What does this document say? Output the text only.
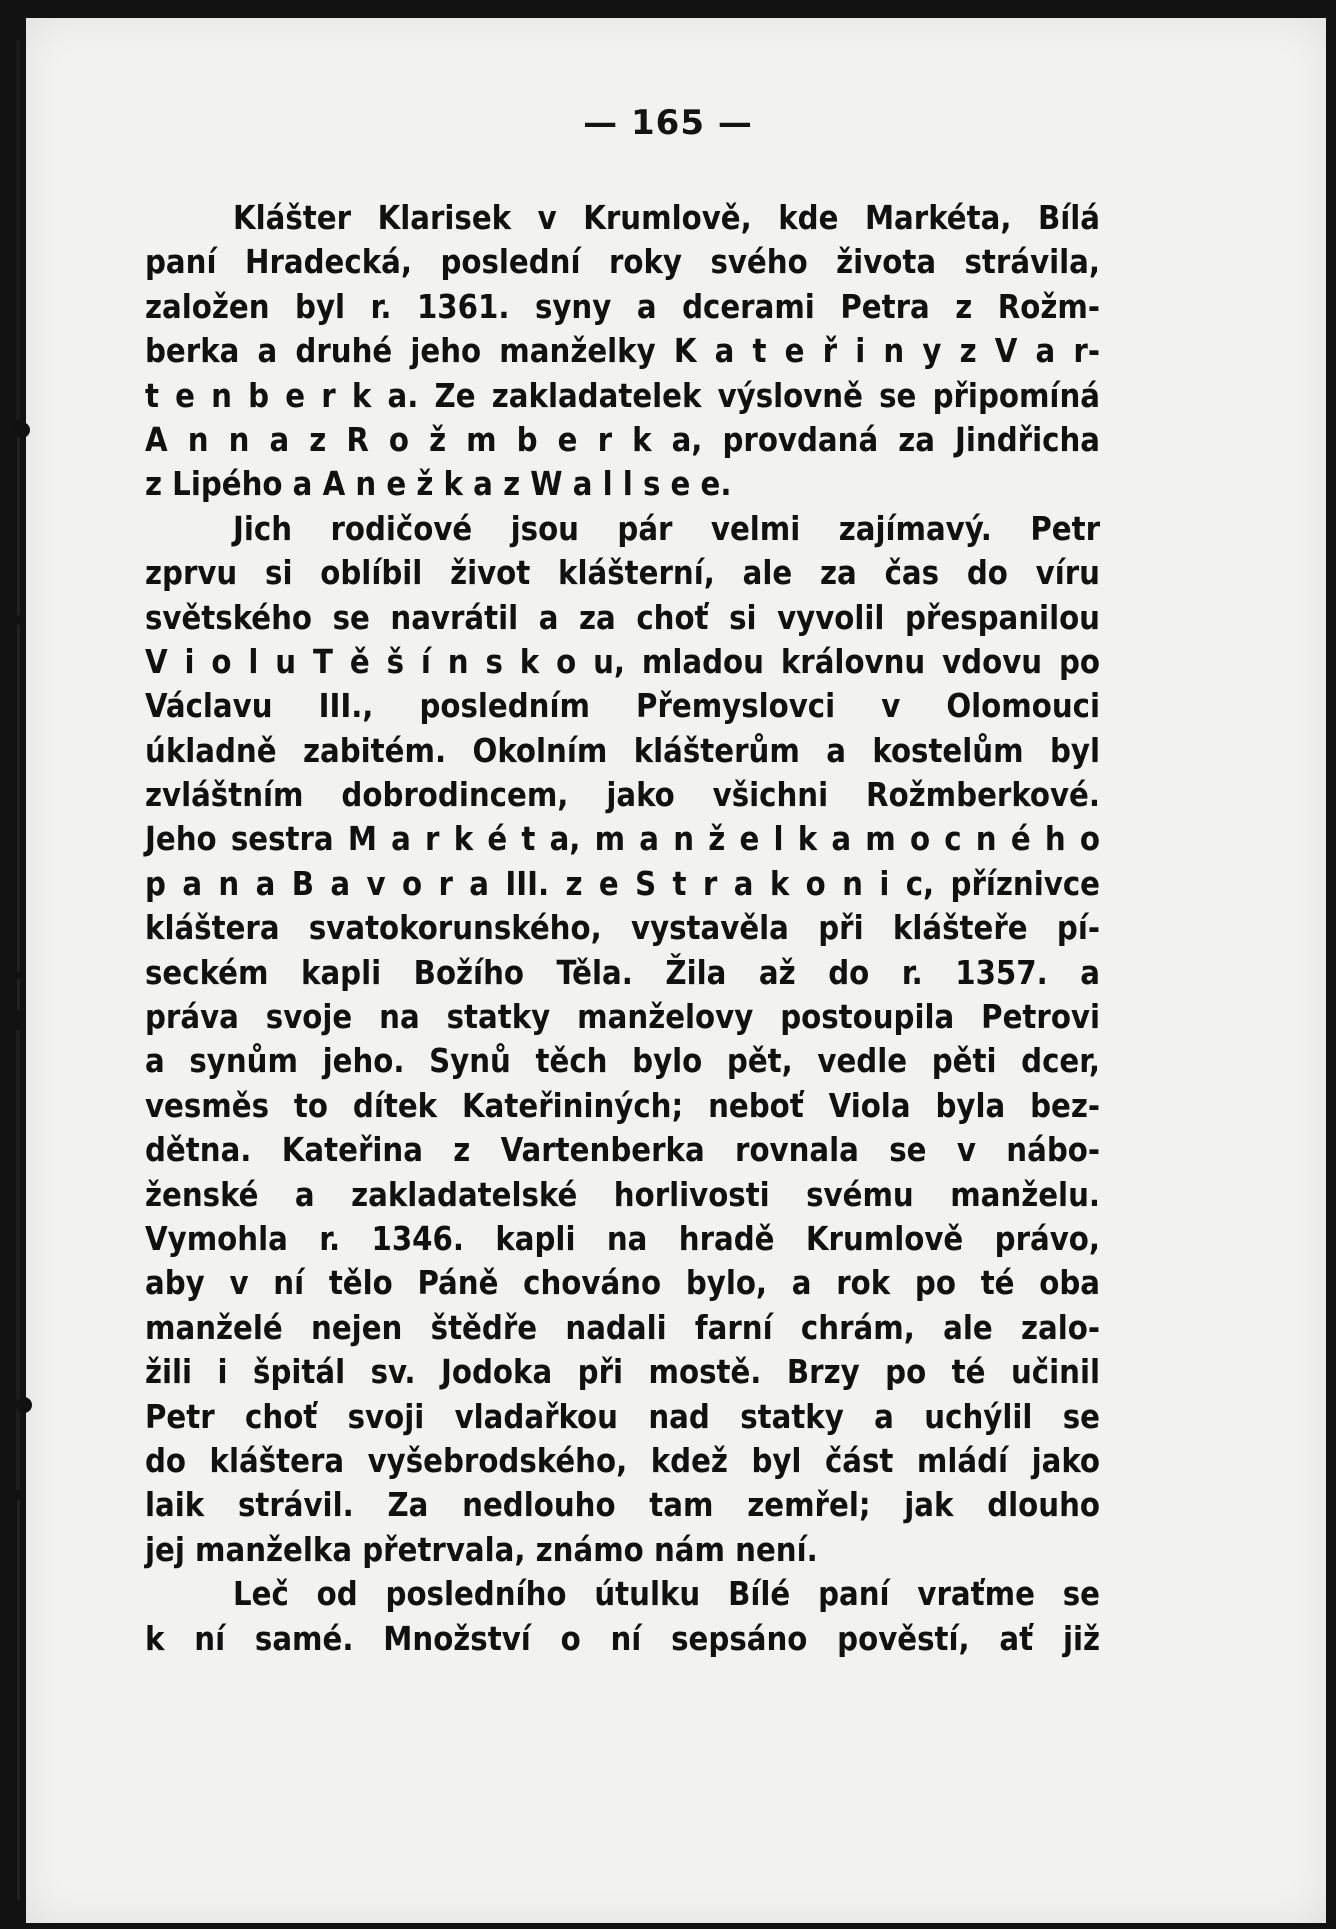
— 165 —
Klášter Klarisek v Krumlově, kde Markéta, Bílá
paní Hradecká, poslední roky svého života strávila,
založen byl r. 1361. syny a dcerami Petra z Rožm-
berka a druhé jeho manželky K a t e ř i n y z V a r-
t e n b e r k a. Ze zakladatelek výslovně se připomíná
A n n a z R o ž m b e r k a, provdaná za Jindřicha
z Lipého a A n e ž k a z W a l l s e e.
Jich rodičové jsou pár velmi zajímavý. Petr
zprvu si oblíbil život klášterní, ale za čas do víru
světského se navrátil a za choť si vyvolil přespanilou
V i o l u T ě š í n s k o u, mladou královnu vdovu po
Václavu III., posledním Přemyslovci v Olomouci
úkladně zabitém. Okolním klášterům a kostelům byl
zvláštním dobrodincem, jako všichni Rožmberkové.
Jeho sestra M a r k é t a, m a n ž e l k a m o c n é h o
p a n a B a v o r a III. z e S t r a k o n i c, příznivce
kláštera svatokorunského, vystavěla při klášteře pí-
seckém kapli Božího Těla. Žila až do r. 1357. a
práva svoje na statky manželovy postoupila Petrovi
a synům jeho. Synů těch bylo pět, vedle pěti dcer,
vesměs to dítek Kateřininých; neboť Viola byla bez-
dětna. Kateřina z Vartenberka rovnala se v nábo-
ženské a zakladatelské horlivosti svému manželu.
Vymohla r. 1346. kapli na hradě Krumlově právo,
aby v ní tělo Páně chováno bylo, a rok po té oba
manželé nejen štědře nadali farní chrám, ale zalo-
žili i špitál sv. Jodoka při mostě. Brzy po té učinil
Petr choť svoji vladařkou nad statky a uchýlil se
do kláštera vyšebrodského, kdež byl část mládí jako
laik strávil. Za nedlouho tam zemřel; jak dlouho
jej manželka přetrvala, známo nám není.
Leč od posledního útulku Bílé paní vraťme se
k ní samé. Množství o ní sepsáno pověstí, ať již
